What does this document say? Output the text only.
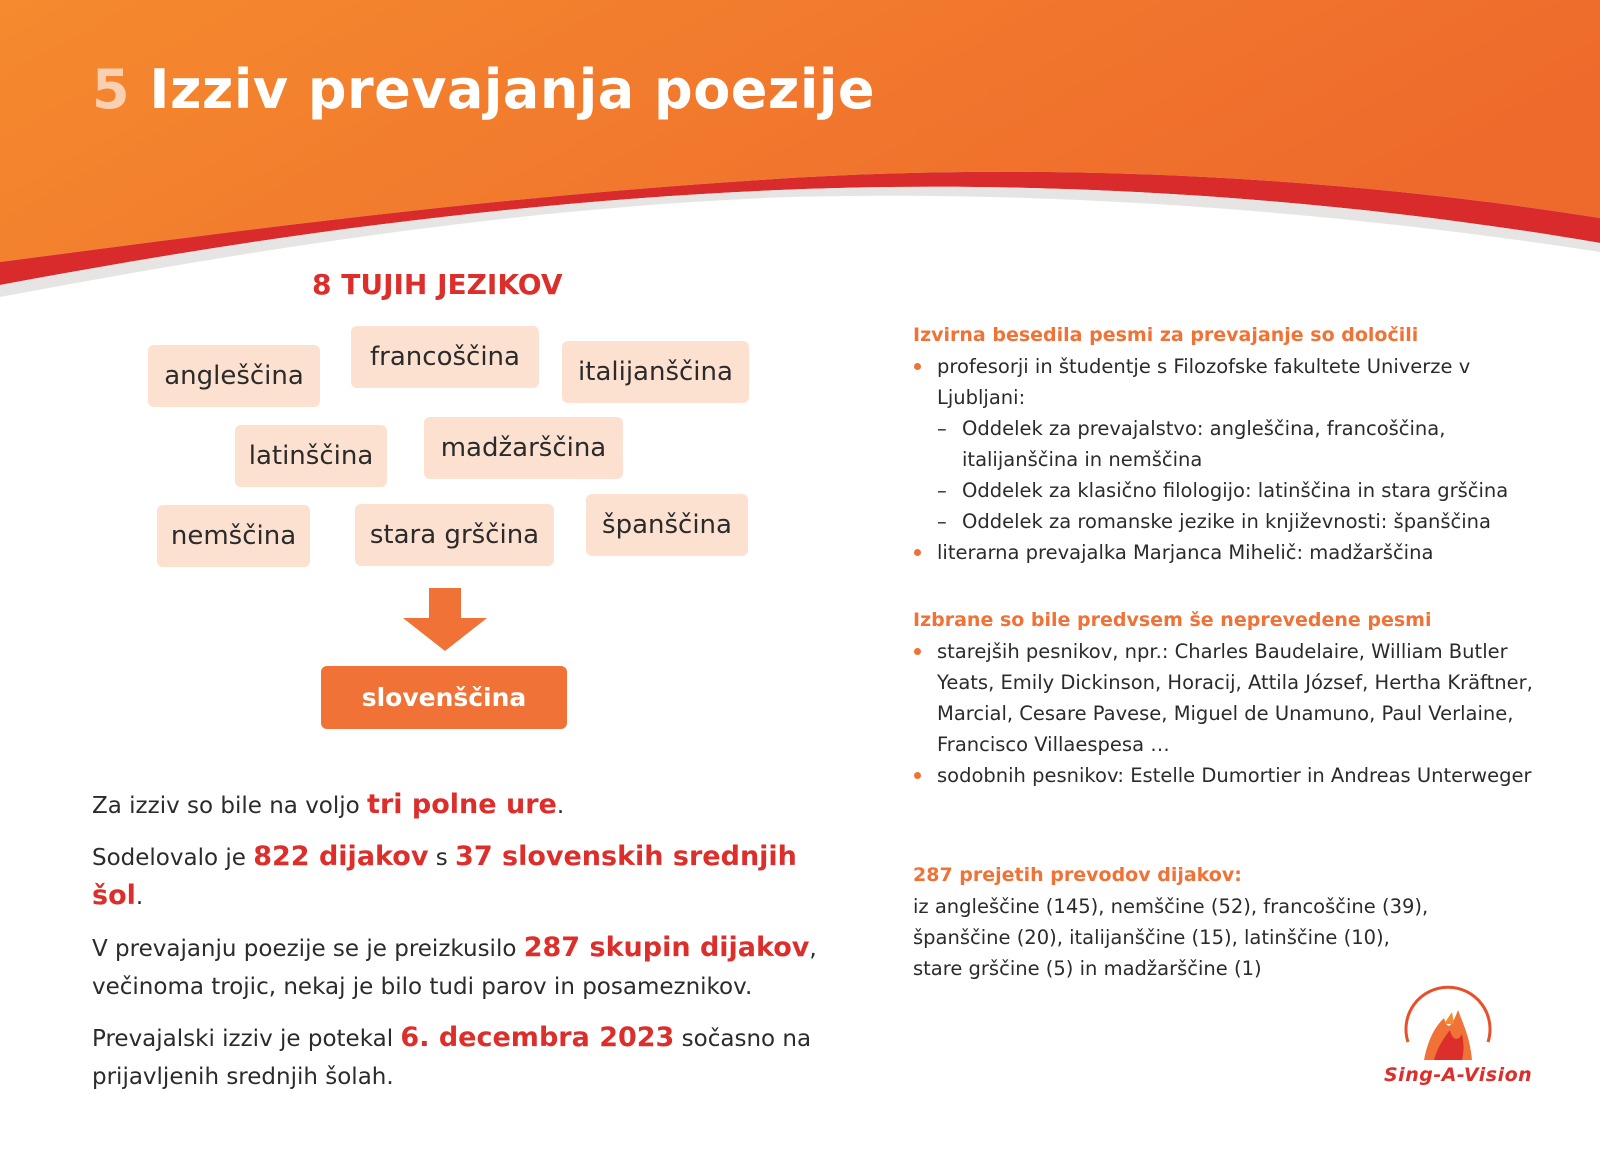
5 Izziv prevajanja poezije
8 TUJIH JEZIKOV
angleščina
francoščina italijanščina
latinščina	madžarščina
nemščina	stara grščina španščina
slovenščina

Za izziv so bile na voljo tri polne ure.

Sodelovalo je 822 dijakov s 37 slovenskih srednjih šol.

V prevajanju poezije se je preizkusilo 287 skupin dijakov, večinoma trojic, nekaj je bilo tudi parov in posameznikov.

Prevajalski izziv je potekal 6. decembra 2023 sočasno na prijavljenih srednjih šolah.

Izvirna besedila pesmi za prevajanje so določili
profesorji in študentje s Filozofske fakultete Univerze v Ljubljani:
– Oddelek za prevajalstvo: angleščina, francoščina, italijanščina in nemščina
– Oddelek za klasično filologijo: latinščina in stara grščina
– Oddelek za romanske jezike in književnosti: španščina
literarna prevajalka Marjanca Mihelič: madžarščina
Izbrane so bile predvsem še neprevedene pesmi
starejših pesnikov, npr.: Charles Baudelaire, William Butler Yeats, Emily Dickinson, Horacij, Attila József, Hertha Kräftner, Marcial, Cesare Pavese, Miguel de Unamuno, Paul Verlaine, Francisco Villaespesa …
sodobnih pesnikov: Estelle Dumortier in Andreas Unterweger
287 prejetih prevodov dijakov:

iz angleščine (145), nemščine (52), francoščine (39),

španščine (20), italijanščine (15), latinščine (10),

stare grščine (5) in madžarščine (1)

Sing-A-Vision
